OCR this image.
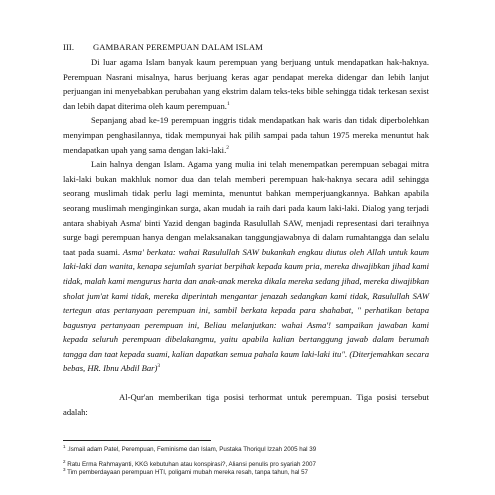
III. GAMBARAN PEREMPUAN DALAM ISLAM

Di luar agama Islam banyak kaum perempuan yang berjuang untuk mendapatkan hak-haknya. Perempuan Nasrani misalnya, harus berjuang keras agar pendapat mereka didengar dan lebih lanjut perjuangan ini menyebabkan perubahan yang ekstrim dalam teks-teks bible sehingga tidak terkesan sexist dan lebih dapat diterima oleh kaum perempuan.$^1$

Sepanjang abad ke-19 perempuan inggris tidak mendapatkan hak waris dan tidak diperbolehkan menyimpan penghasilannya, tidak mempunyai hak pilih sampai pada tahun 1975 mereka menuntut hak mendapatkan upah yang sama dengan laki-laki.$^2$

Lain halnya dengan Islam. Agama yang mulia ini telah menempatkan perempuan sebagai mitra laki-laki bukan makhluk nomor dua dan telah memberi perempuan hak-haknya secara adil sehingga seorang muslimah tidak perlu lagi meminta, menuntut bahkan memperjuangkannya. Bahkan apabila seorang muslimah menginginkan surga, akan mudah ia raih dari pada kaum laki-laki. Dialog yang terjadi antara shabiyah Asma' binti Yazid dengan baginda Rasulullah SAW, menjadi representasi dari teraihnya surge bagi perempuan hanya dengan melaksanakan tanggungjawabnya di dalam rumahtangga dan selalu taat pada suami. Asma' berkata: wahai Rasulullah SAW bukankah engkau diutus oleh Allah untuk kaum laki-laki dan wanita, kenapa sejumlah syariat berpihak kepada kaum pria, mereka diwajibkan jihad kami tidak, malah kami mengurus harta dan anak-anak mereka dikala mereka sedang jihad, mereka diwajibkan sholat jum'at kami tidak, mereka diperintah mengantar jenazah sedangkan kami tidak, Rasulullah SAW tertegun atas pertanyaan perempuan ini, sambil berkata kepada para shahabat, " perhatikan betapa bagusnya pertanyaan perempuan ini, Beliau melanjutkan: wahai Asma'! sampaikan jawaban kami kepada seluruh perempuan dibelakangmu, yaitu apabila kalian bertanggung jawab dalam berumah tangga dan taat kepada suami, kalian dapatkan semua pahala kaum laki-laki itu". (Diterjemahkan secara bebas, HR. Ibnu Abdil Bar)$^3$

Al-Qur'an memberikan tiga posisi terhormat untuk perempuan. Tiga posisi tersebut adalah:

$^1$ .Ismail adam Patel, Perempuan, Feminisme dan Islam, Pustaka Thoriqul Izzah 2005 hal 39
$^2$ Ratu Erma Rahmayanti, KKG kebutuhan atau konspirasi?, Aliansi penulis pro syariah 2007
$^3$ Tim pemberdayaan perempuan HTI, poligami mubah mereka resah, tanpa tahun, hal 57
